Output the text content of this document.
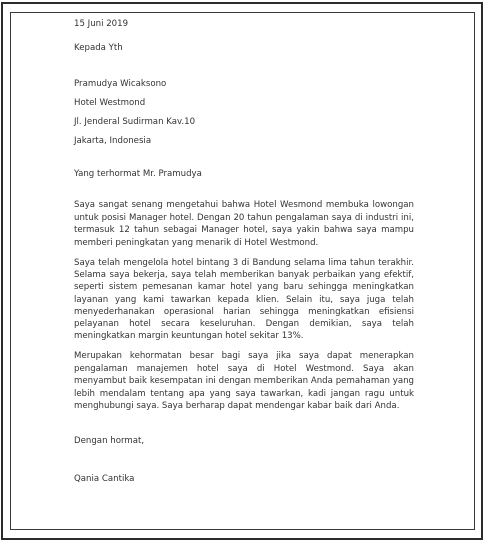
15 Juni 2019

Kepada Yth

Pramudya Wicaksono

Hotel Westmond

Jl. Jenderal Sudirman Kav.10

Jakarta, Indonesia

Yang terhormat Mr. Pramudya

Saya sangat senang mengetahui bahwa Hotel Wesmond membuka lowongan untuk posisi Manager hotel. Dengan 20 tahun pengalaman saya di industri ini, termasuk 12 tahun sebagai Manager hotel, saya yakin bahwa saya mampu memberi peningkatan yang menarik di Hotel Westmond.

Saya telah mengelola hotel bintang 3 di Bandung selama lima tahun terakhir. Selama saya bekerja, saya telah memberikan banyak perbaikan yang efektif, seperti sistem pemesanan kamar hotel yang baru sehingga meningkatkan layanan yang kami tawarkan kepada klien. Selain itu, saya juga telah menyederhanakan operasional harian sehingga meningkatkan efisiensi pelayanan hotel secara keseluruhan. Dengan demikian, saya telah meningkatkan margin keuntungan hotel sekitar 13%.

Merupakan kehormatan besar bagi saya jika saya dapat menerapkan pengalaman manajemen hotel saya di Hotel Westmond. Saya akan menyambut baik kesempatan ini dengan memberikan Anda pemahaman yang lebih mendalam tentang apa yang saya tawarkan, kadi jangan ragu untuk menghubungi saya. Saya berharap dapat mendengar kabar baik dari Anda.

Dengan hormat,

Qania Cantika
